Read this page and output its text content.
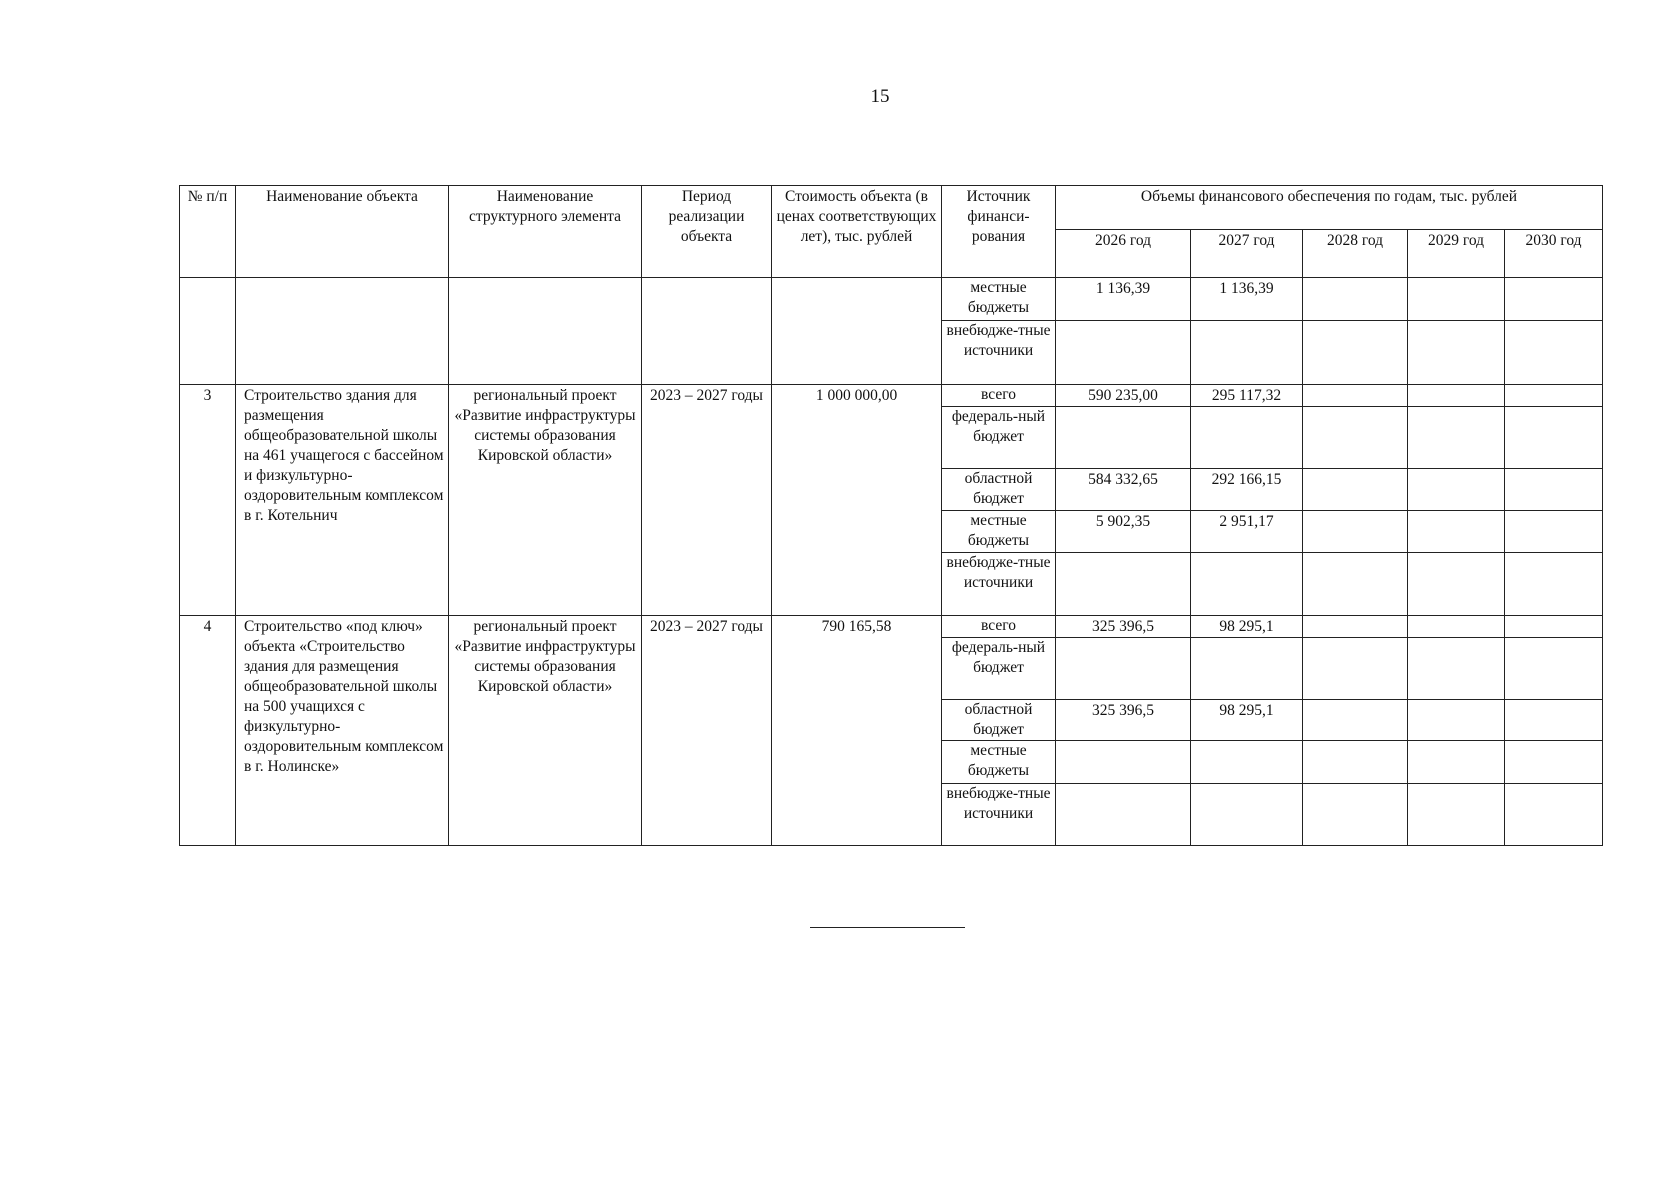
15
№ п/п	Наименование объекта	Наименование структурного элемента	Период реализации объекта	Стоимость объекта (в ценах соответствующих лет), тыс. рублей	Источник финанси-рования	Объемы финансового обеспечения по годам, тыс. рублей				
						2026 год	2027 год	2028 год	2029 год	2030 год
					местные бюджеты	1 136,39	1 136,39			
					внебюдже-тные источники					
3	Строительство здания для размещения общеобразовательной школы на 461 учащегося с бассейном и физкультурно-оздоровительным комплексом в г. Котельнич	региональный проект «Развитие инфраструктуры системы образования Кировской области»	2023 – 2027 годы	1 000 000,00	всего	590 235,00	295 117,32			
					федераль-ный бюджет					
					областной бюджет	584 332,65	292 166,15			
					местные бюджеты	5 902,35	2 951,17			
					внебюдже-тные источники					
4	Строительство «под ключ» объекта «Строительство здания для размещения общеобразовательной школы на 500 учащихся с физкультурно-оздоровительным комплексом в г. Нолинске»	региональный проект «Развитие инфраструктуры системы образования Кировской области»	2023 – 2027 годы	790 165,58	всего	325 396,5	98 295,1			
					федераль-ный бюджет					
					областной бюджет	325 396,5	98 295,1			
					местные бюджеты					
					внебюдже-тные источники					
